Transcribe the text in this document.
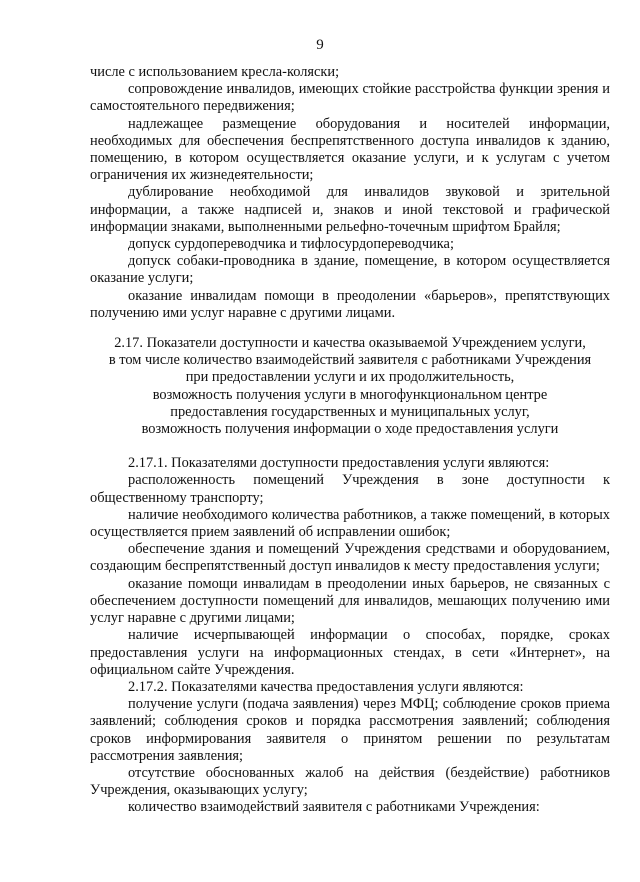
9

числе с использованием кресла-коляски;

сопровождение инвалидов, имеющих стойкие расстройства функции зрения и самостоятельного передвижения;

надлежащее размещение оборудования и носителей информации, необходимых для обеспечения беспрепятственного доступа инвалидов к зданию, помещению, в котором осуществляется оказание услуги, и к услугам с учетом ограничения их жизнедеятельности;

дублирование необходимой для инвалидов звуковой и зрительной информации, а также надписей и, знаков и иной текстовой и графической информации знаками, выполненными рельефно-точечным шрифтом Брайля;

допуск сурдопереводчика и тифлосурдопереводчика;

допуск собаки-проводника в здание, помещение, в котором осуществляется оказание услуги;

оказание инвалидам помощи в преодолении «барьеров», препятствующих получению ими услуг наравне с другими лицами.

2.17. Показатели доступности и качества оказываемой Учреждением услуги,
в том числе количество взаимодействий заявителя с работниками Учреждения
при предоставлении услуги и их продолжительность,
возможность получения услуги в многофункциональном центре
предоставления государственных и муниципальных услуг,
возможность получения информации о ходе предоставления услуги

2.17.1. Показателями доступности предоставления услуги являются:

расположенность помещений Учреждения в зоне доступности к общественному транспорту;

наличие необходимого количества работников, а также помещений, в которых осуществляется прием заявлений об исправлении ошибок;

обеспечение здания и помещений Учреждения средствами и оборудованием, создающим беспрепятственный доступ инвалидов к месту предоставления услуги;

оказание помощи инвалидам в преодолении иных барьеров, не связанных с обеспечением доступности помещений для инвалидов, мешающих получению ими услуг наравне с другими лицами;

наличие исчерпывающей информации о способах, порядке, сроках предоставления услуги на информационных стендах, в сети «Интернет», на официальном сайте Учреждения.

2.17.2. Показателями качества предоставления услуги являются:

получение услуги (подача заявления) через МФЦ; соблюдение сроков приема заявлений; соблюдения сроков и порядка рассмотрения заявлений; соблюдения сроков информирования заявителя о принятом решении по результатам рассмотрения заявления;

отсутствие обоснованных жалоб на действия (бездействие) работников Учреждения, оказывающих услугу;

количество взаимодействий заявителя с работниками Учреждения:
